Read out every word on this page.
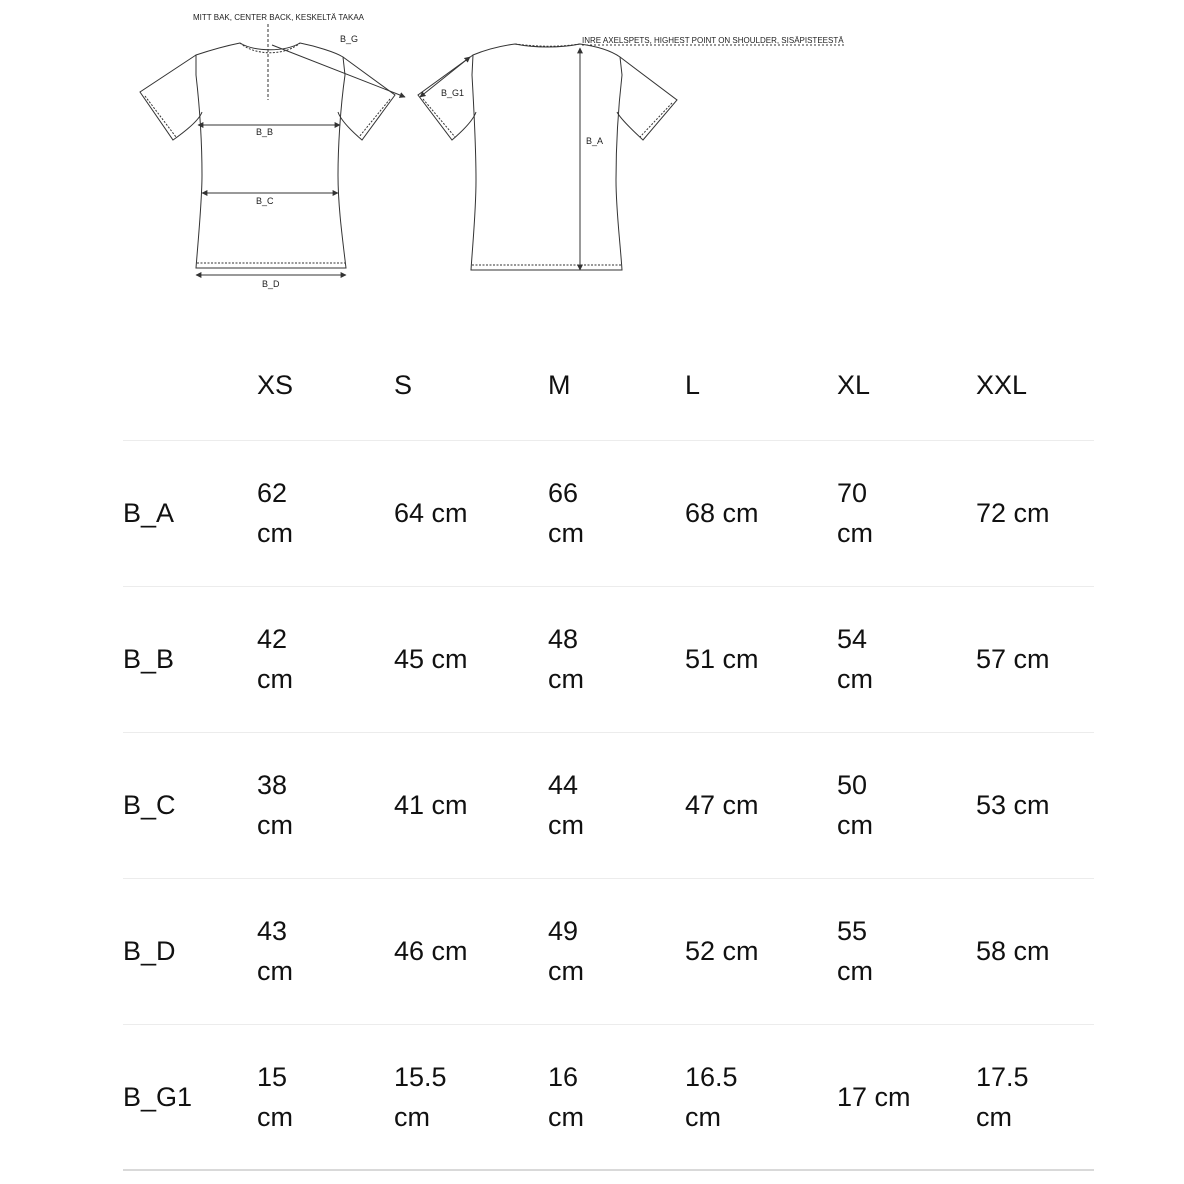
MITT BAK, CENTER BACK, KESKELTÄ TAKAA
B_G
B_B
B_C
B_D
INRE AXELSPETS, HIGHEST POINT ON SHOULDER, SISÄPISTEESTÄ
B_G1
B_A
	XS	S	M	L	XL	XXL
B_A	62 cm	64 cm	66 cm	68 cm	70 cm	72 cm
B_B	42 cm	45 cm	48 cm	51 cm	54 cm	57 cm
B_C	38 cm	41 cm	44 cm	47 cm	50 cm	53 cm
B_D	43 cm	46 cm	49 cm	52 cm	55 cm	58 cm
B_G1	15 cm	15.5 cm	16 cm	16.5 cm	17 cm	17.5 cm
